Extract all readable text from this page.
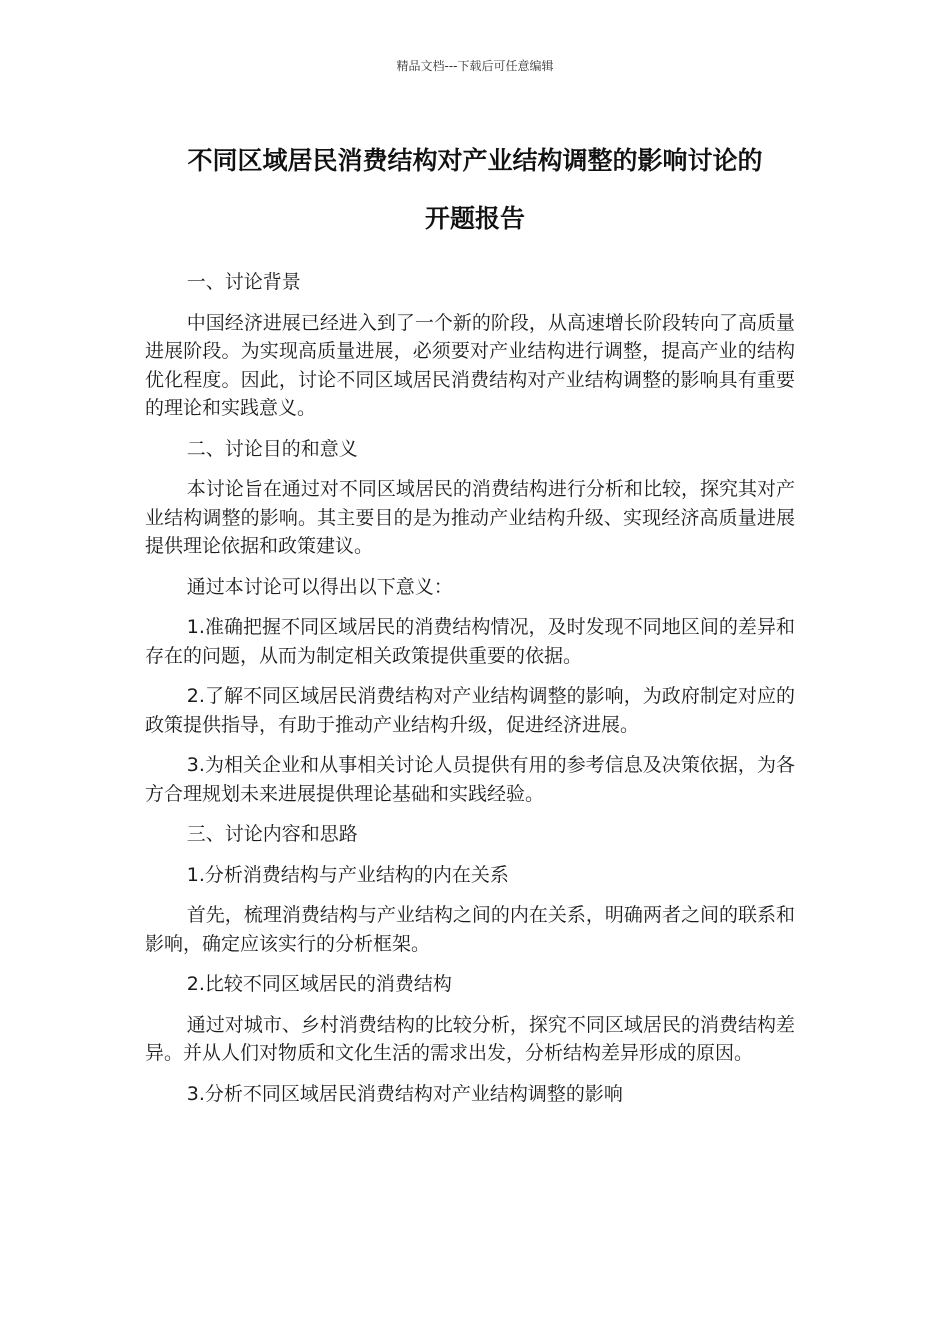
精品文档---下载后可任意编辑
不同区域居民消费结构对产业结构调整的影响讨论的
开题报告

一、讨论背景

中国经济进展已经进入到了一个新的阶段，从高速增长阶段转向了高质量进展阶段。为实现高质量进展，必须要对产业结构进行调整，提高产业的结构优化程度。因此，讨论不同区域居民消费结构对产业结构调整的影响具有重要的理论和实践意义。

二、讨论目的和意义

本讨论旨在通过对不同区域居民的消费结构进行分析和比较，探究其对产业结构调整的影响。其主要目的是为推动产业结构升级、实现经济高质量进展提供理论依据和政策建议。

通过本讨论可以得出以下意义：

1.准确把握不同区域居民的消费结构情况，及时发现不同地区间的差异和存在的问题，从而为制定相关政策提供重要的依据。

2.了解不同区域居民消费结构对产业结构调整的影响，为政府制定对应的政策提供指导，有助于推动产业结构升级，促进经济进展。

3.为相关企业和从事相关讨论人员提供有用的参考信息及决策依据，为各方合理规划未来进展提供理论基础和实践经验。

三、讨论内容和思路

1.分析消费结构与产业结构的内在关系

首先，梳理消费结构与产业结构之间的内在关系，明确两者之间的联系和影响，确定应该实行的分析框架。

2.比较不同区域居民的消费结构

通过对城市、乡村消费结构的比较分析，探究不同区域居民的消费结构差异。并从人们对物质和文化生活的需求出发，分析结构差异形成的原因。

3.分析不同区域居民消费结构对产业结构调整的影响
